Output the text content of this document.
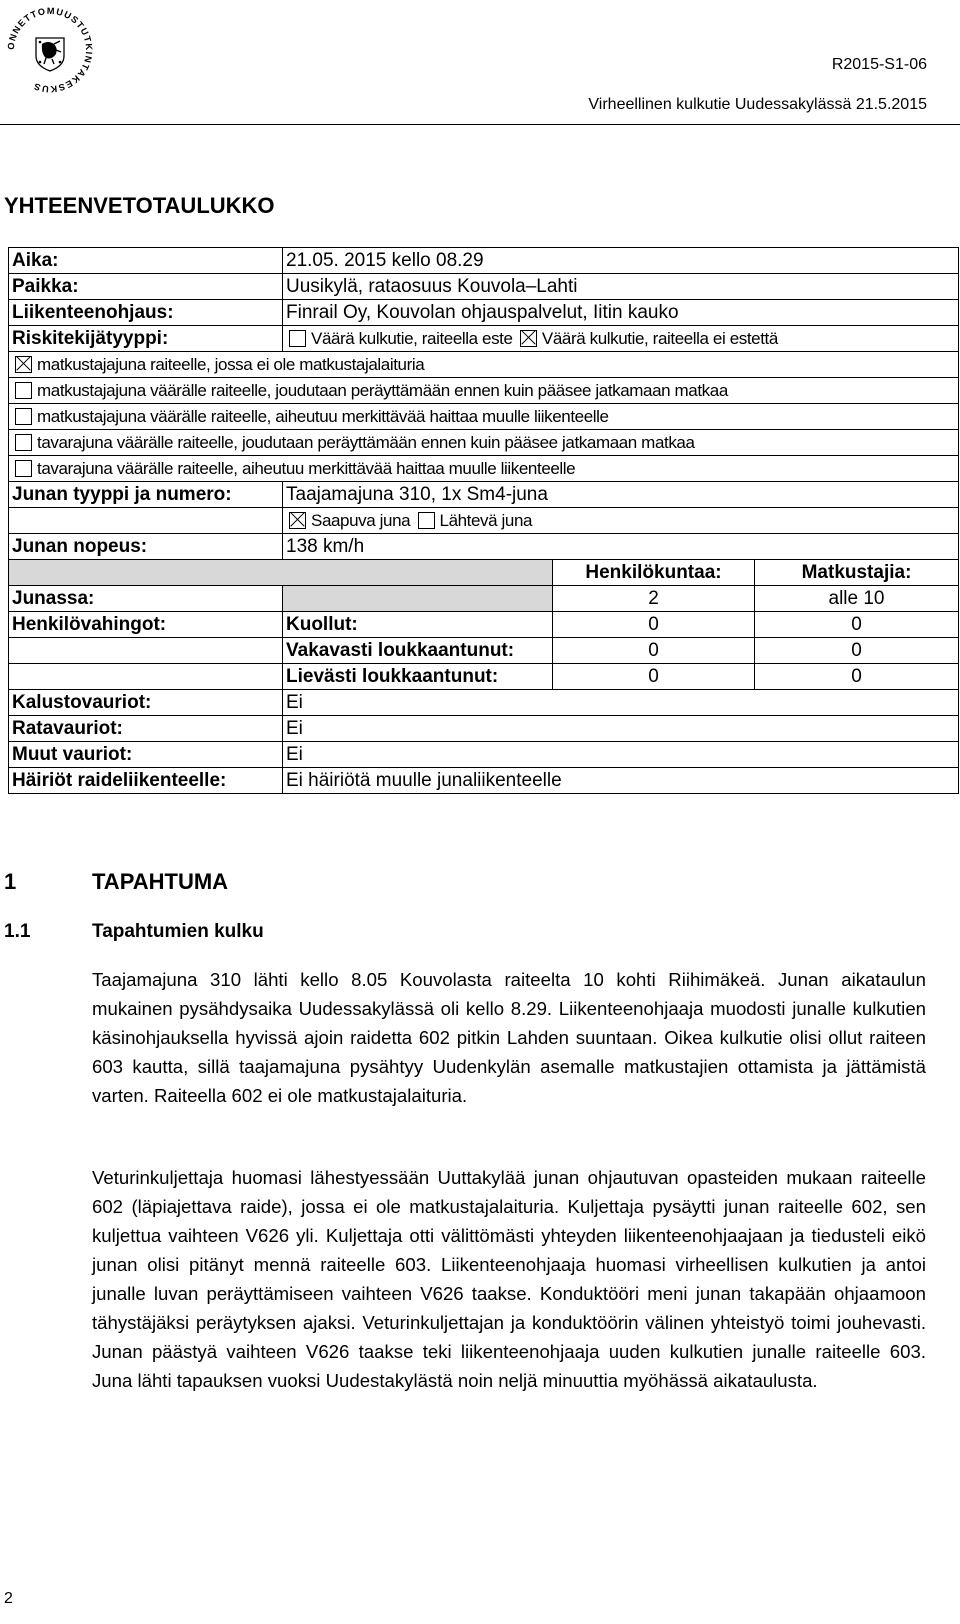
ONNETTOMUUSTUTKINTAKESKUS
R2015-S1-06
Virheellinen kulkutie Uudessakylässä 21.5.2015
YHTEENVETOTAULUKKO
Aika:	21.05. 2015 kello 08.29		
Paikka:	Uusikylä, rataosuus Kouvola–Lahti		
Liikenteenohjaus:	Finrail Oy, Kouvolan ohjauspalvelut, Iitin kauko		
Riskitekijätyyppi:	Väärä kulkutie, raiteella este Väärä kulkutie, raiteella ei estettä		
matkustajajuna raiteelle, jossa ei ole matkustajalaituria			
matkustajajuna väärälle raiteelle, joudutaan peräyttämään ennen kuin pääsee jatkamaan matkaa			
matkustajajuna väärälle raiteelle, aiheutuu merkittävää haittaa muulle liikenteelle			
tavarajuna väärälle raiteelle, joudutaan peräyttämään ennen kuin pääsee jatkamaan matkaa			
tavarajuna väärälle raiteelle, aiheutuu merkittävää haittaa muulle liikenteelle			
Junan tyyppi ja numero:	Taajamajuna 310, 1x Sm4-juna		
	Saapuva juna Lähtevä juna		
Junan nopeus:	138 km/h		
		Henkilökuntaa:	Matkustajia:
Junassa:		2	alle 10
Henkilövahingot:	Kuollut:	0	0
	Vakavasti loukkaantunut:	0	0
	Lievästi loukkaantunut:	0	0
Kalustovauriot:	Ei		
Ratavauriot:	Ei		
Muut vauriot:	Ei		
Häiriöt raideliikenteelle:	Ei häiriötä muulle junaliikenteelle		
1	TAPAHTUMA
1.1	Tapahtumien kulku

Taajamajuna 310 lähti kello 8.05 Kouvolasta raiteelta 10 kohti Riihimäkeä. Junan aikataulun mukainen pysähdysaika Uudessakylässä oli kello 8.29. Liikenteenohjaaja muodosti junalle kulkutien käsinohjauksella hyvissä ajoin raidetta 602 pitkin Lahden suuntaan. Oikea kulkutie olisi ollut raiteen 603 kautta, sillä taajamajuna pysähtyy Uudenkylän asemalle matkustajien ottamista ja jättämistä varten. Raiteella 602 ei ole matkustajalaituria.

Veturinkuljettaja huomasi lähestyessään Uuttakylää junan ohjautuvan opasteiden mukaan raiteelle 602 (läpiajettava raide), jossa ei ole matkustajalaituria. Kuljettaja pysäytti junan raiteelle 602, sen kuljettua vaihteen V626 yli. Kuljettaja otti välittömästi yhteyden liikenteenohjaajaan ja tiedusteli eikö junan olisi pitänyt mennä raiteelle 603. Liikenteenohjaaja huomasi virheellisen kulkutien ja antoi junalle luvan peräyttämiseen vaihteen V626 taakse. Konduktööri meni junan takapään ohjaamoon tähystäjäksi peräytyksen ajaksi. Veturinkuljettajan ja konduktöörin välinen yhteistyö toimi jouhevasti. Junan päästyä vaihteen V626 taakse teki liikenteenohjaaja uuden kulkutien junalle raiteelle 603. Juna lähti tapauksen vuoksi Uudestakylästä noin neljä minuuttia myöhässä aikataulusta.

2
